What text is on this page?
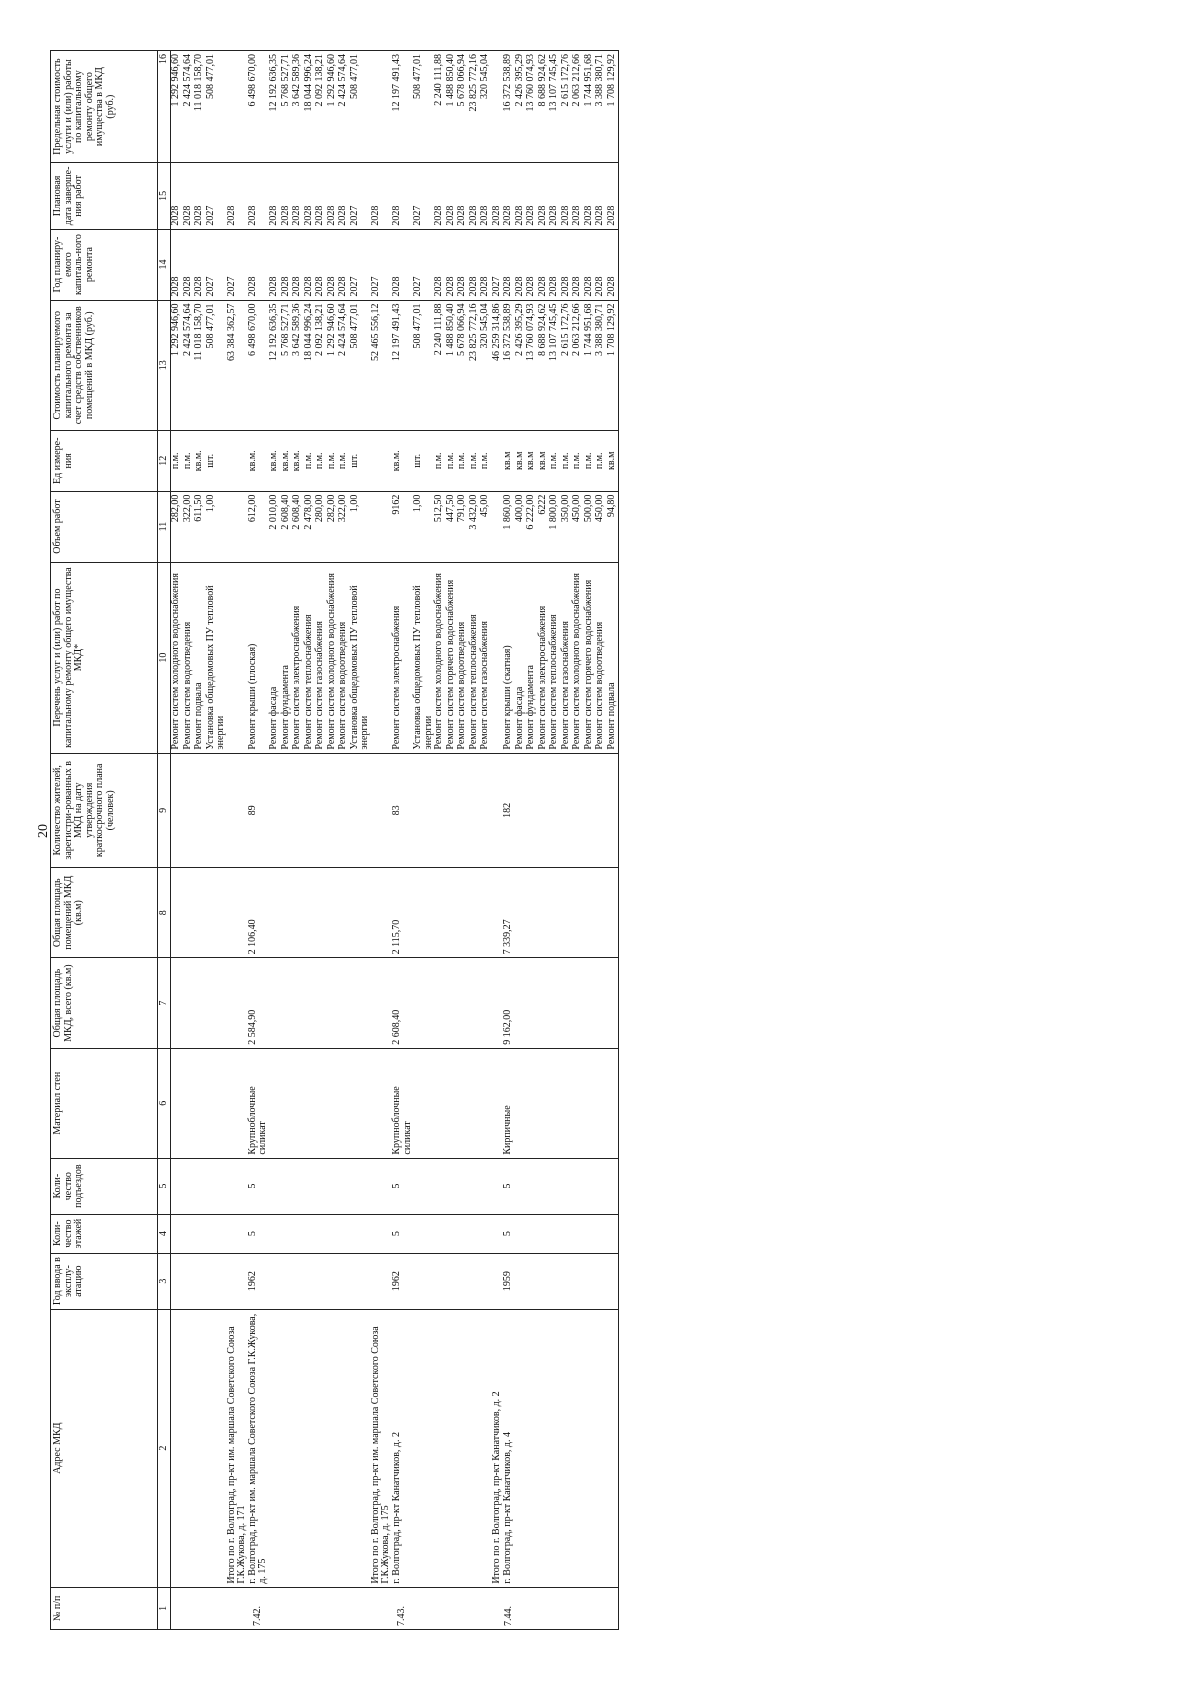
20
№ п/п	Адрес МКД	Год ввода в эксплу-атацию	Коли-чество этажей	Коли-чество подъездов	Материал стен	Общая площадь МКД, всего (кв.м)	Общая площадь помещений МКД (кв.м)	Количество жителей, зарегистри-рованных в МКД на дату утверждения краткосрочного плана (человек)	Перечень услуг и (или) работ по капитальному ремонту общего имущества МКД*	Объем работ	Ед измере-ния	Стоимость планируемого капитального ремонта за счет средств собственников помещений в МКД (руб.)	Год планиру-емого капиталь-ного ремонта	Плановая дата заверше-ния работ	Предельная стоимость услуги и (или) работы по капитальному ремонту общего имущества в МКД (руб.)
1	2	3	4	5	6	7	8	9	10	11	12	13	14	15	16
									Ремонт систем холодного водоснабжения	282,00	п.м.	1 292 946,60	2028	2028	1 292 946,60
									Ремонт систем водоотведения	322,00	п.м.	2 424 574,64	2028	2028	2 424 574,64
									Ремонт подвала	611,50	кв.м.	11 018 158,70	2028	2028	11 018 158,70
									Установка общедомовых ПУ тепловой энергии	1,00	шт.	508 477,01	2027	2027	508 477,01
	Итого по г. Волгоград, пр-кт им. маршала Советского Союза Г.К.Жукова, д. 171											63 384 362,57	2027	2028	
7.42.	г. Волгоград, пр-кт им. маршала Советского Союза Г.К.Жукова, д. 175	1962	5	5	Крупноблочные силикат	2 584,90	2 106,40	89	Ремонт крыши (плоская)	612,00	кв.м.	6 498 670,00	2028	2028	6 498 670,00
									Ремонт фасада	2 010,00	кв.м.	12 192 636,35	2028	2028	12 192 636,35
									Ремонт фундамента	2 608,40	кв.м.	5 768 527,71	2028	2028	5 768 527,71
									Ремонт систем электроснабжения	2 608,40	кв.м.	3 642 589,36	2028	2028	3 642 589,36
									Ремонт систем теплоснабжения	2 478,00	п.м.	18 044 996,24	2028	2028	18 044 996,24
									Ремонт систем газоснабжения	280,00	п.м.	2 092 138,21	2028	2028	2 092 138,21
									Ремонт систем холодного водоснабжения	282,00	п.м.	1 292 946,60	2028	2028	1 292 946,60
									Ремонт систем водоотведения	322,00	п.м.	2 424 574,64	2028	2028	2 424 574,64
									Установка общедомовых ПУ тепловой энергии	1,00	шт.	508 477,01	2027	2027	508 477,01
	Итого по г. Волгоград, пр-кт им. маршала Советского Союза Г.К.Жукова, д. 175											52 465 556,12	2027	2028	
7.43.	г. Волгоград, пр-кт Канатчиков, д. 2	1962	5	5	Крупноблочные силикат	2 608,40	2 115,70	83	Ремонт систем электроснабжения	9162	кв.м.	12 197 491,43	2028	2028	12 197 491,43
									Установка общедомовых ПУ тепловой энергии	1,00	шт.	508 477,01	2027	2027	508 477,01
									Ремонт систем холодного водоснабжения	512,50	п.м.	2 240 111,88	2028	2028	2 240 111,88
									Ремонт систем горячего водоснабжения	447,50	п.м.	1 488 850,40	2028	2028	1 488 850,40
									Ремонт систем водоотведения	791,00	п.м.	5 678 066,94	2028	2028	5 678 066,94
									Ремонт систем теплоснабжения	3 432,00	п.м.	23 825 772,16	2028	2028	23 825 772,16
									Ремонт систем газоснабжения	45,00	п.м.	320 545,04	2028	2028	320 545,04
	Итого по г. Волгоград, пр-кт Канатчиков, д. 2											46 259 314,86	2027	2028	
7.44.	г. Волгоград, пр-кт Канатчиков, д. 4	1959	5	5	Кирпичные	9 162,00	7 339,27	182	Ремонт крыши (скатная)	1 860,00	кв.м	16 372 538,89	2028	2028	16 372 538,89
									Ремонт фасада	400,00	кв.м	2 426 395,29	2028	2028	2 426 395,29
									Ремонт фундамента	6 222,00	кв.м	13 760 074,93	2028	2028	13 760 074,93
									Ремонт систем электроснабжения	6222	кв.м	8 688 924,62	2028	2028	8 688 924,62
									Ремонт систем теплоснабжения	1 800,00	п.м.	13 107 745,45	2028	2028	13 107 745,45
									Ремонт систем газоснабжения	350,00	п.м.	2 615 172,76	2028	2028	2 615 172,76
									Ремонт систем холодного водоснабжения	450,00	п.м.	2 063 212,66	2028	2028	2 063 212,66
									Ремонт систем горячего водоснабжения	500,00	п.м.	1 744 951,68	2028	2028	1 744 951,68
									Ремонт систем водоотведения	450,00	п.м.	3 388 380,71	2028	2028	3 388 380,71
									Ремонт подвала	94,80	кв.м	1 708 129,92	2028	2028	1 708 129,92
